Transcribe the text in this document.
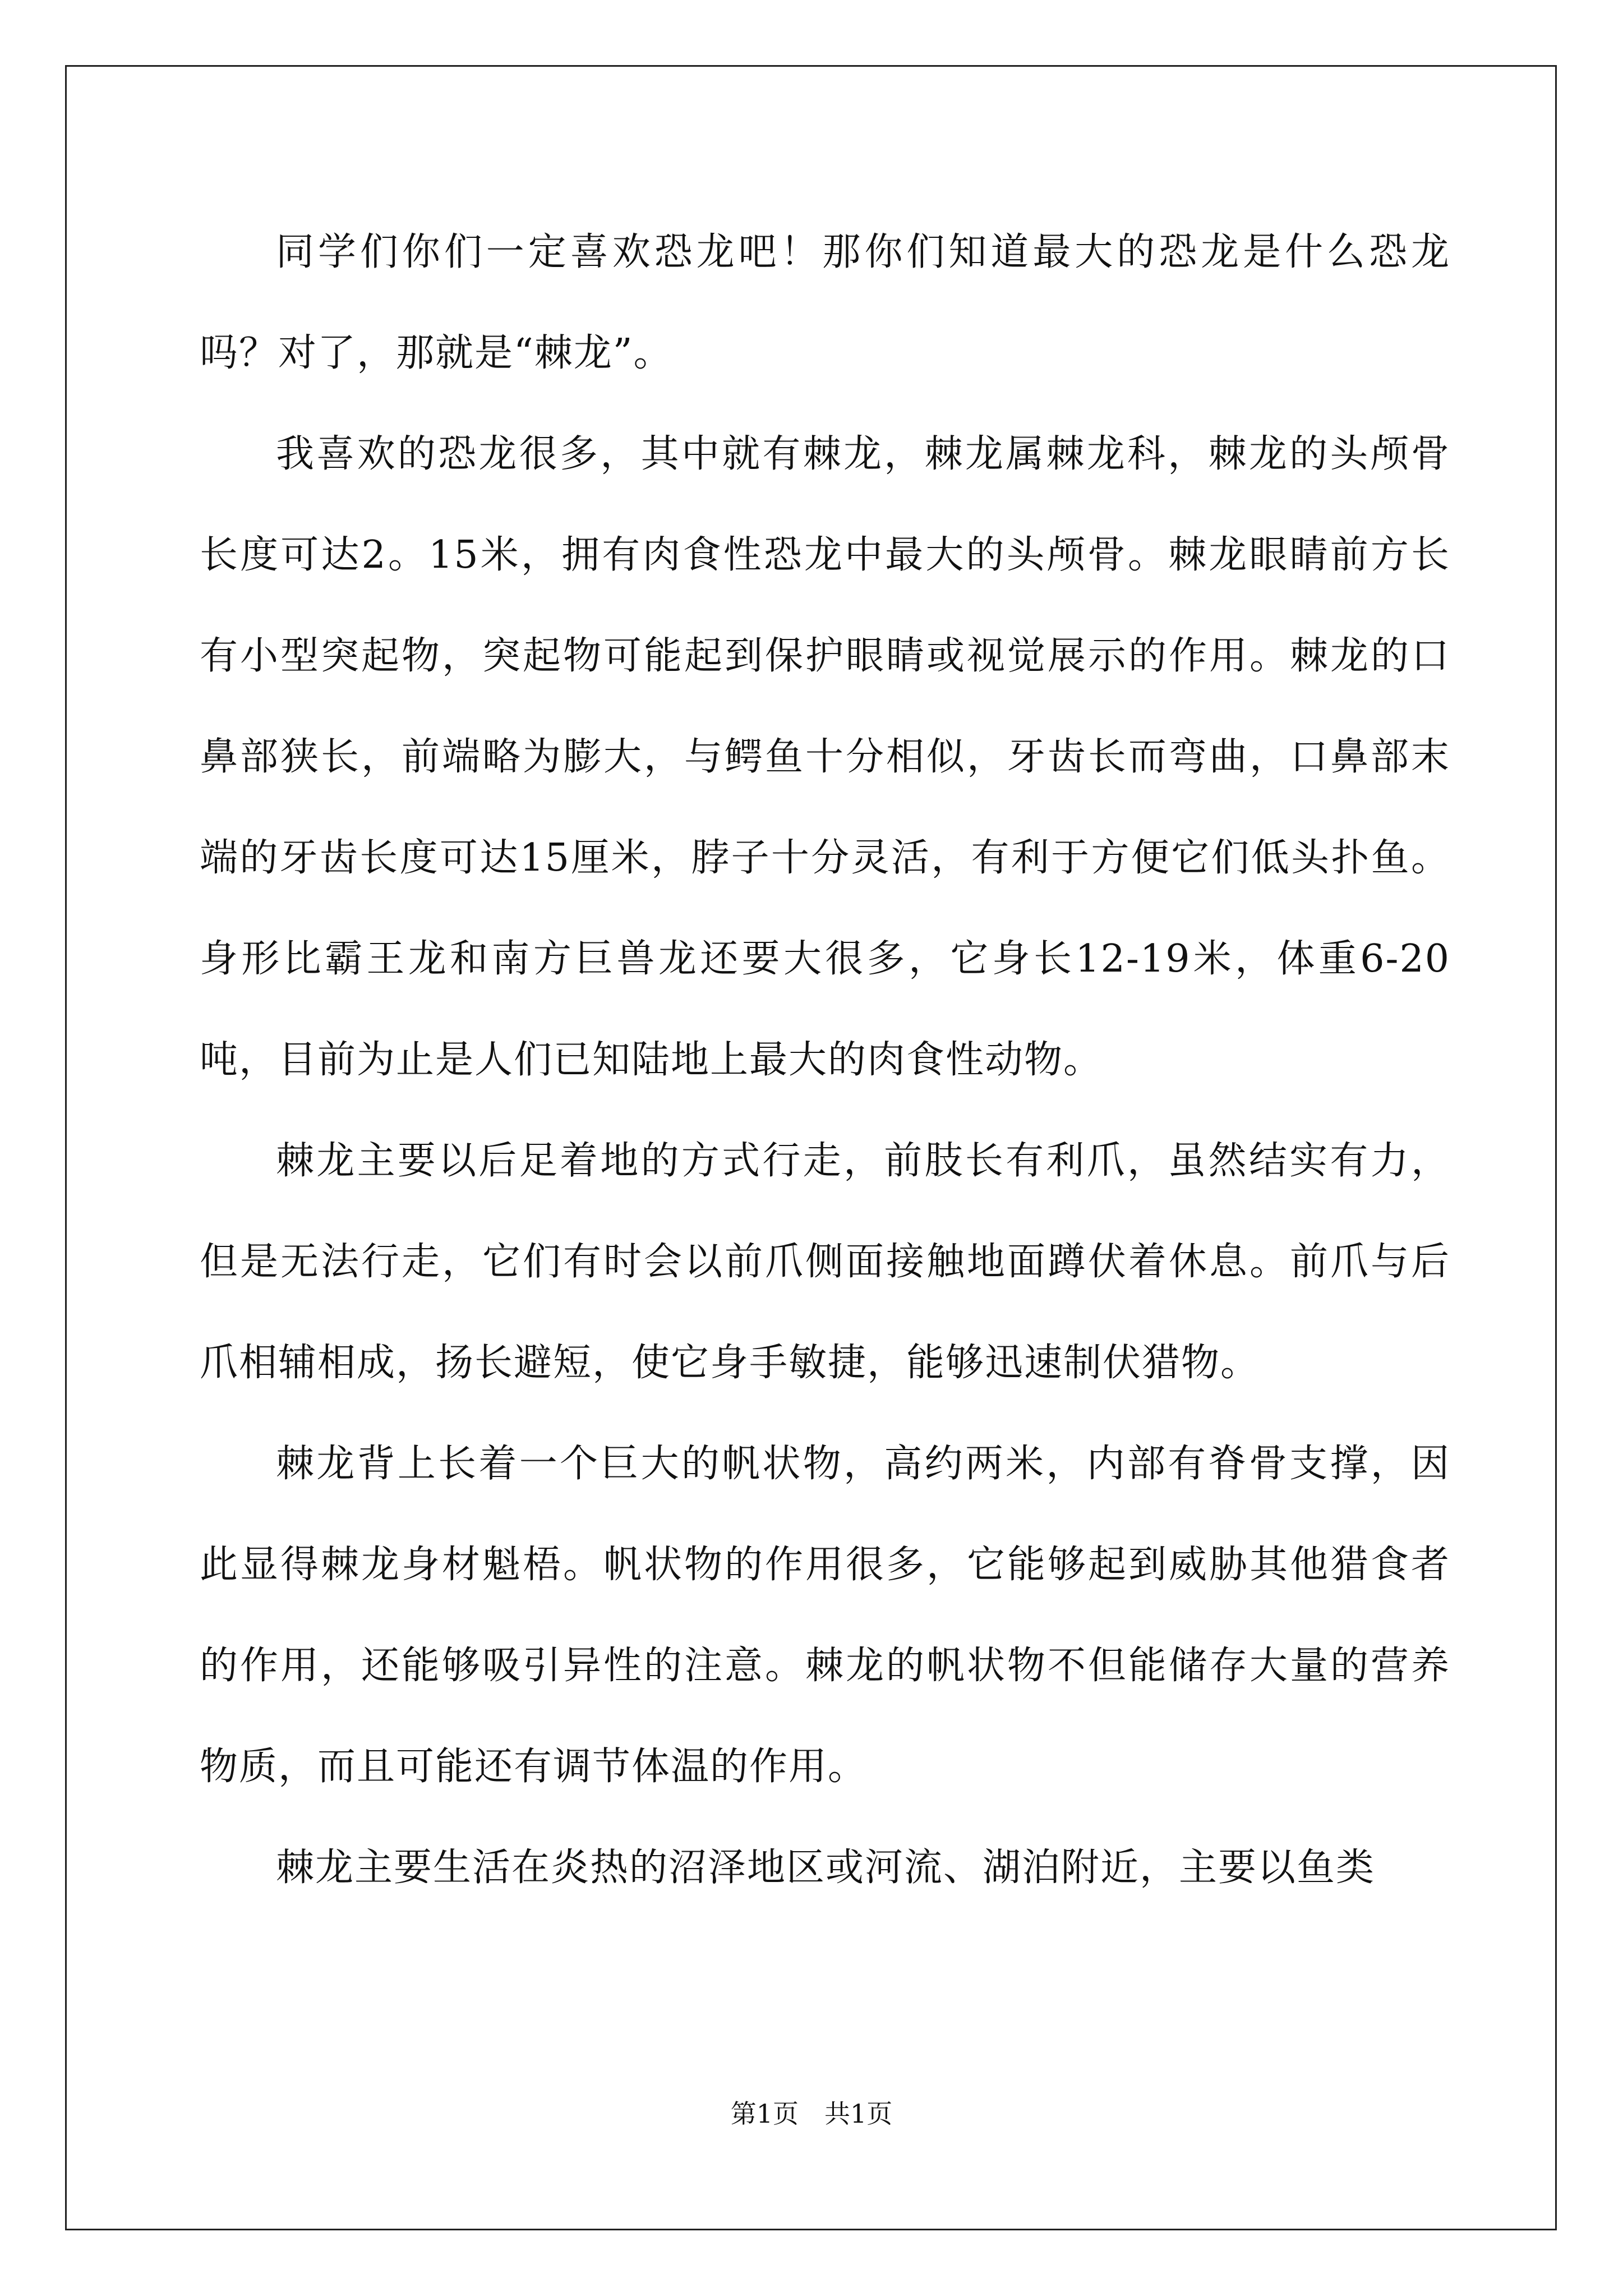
同学们你们一定喜欢恐龙吧！那你们知道最大的恐龙是什么恐龙吗？对了，那就是“棘龙”。

我喜欢的恐龙很多，其中就有棘龙，棘龙属棘龙科，棘龙的头颅骨长度可达2。15米，拥有肉食性恐龙中最大的头颅骨。棘龙眼睛前方长有小型突起物，突起物可能起到保护眼睛或视觉展示的作用。棘龙的口鼻部狭长，前端略为膨大，与鳄鱼十分相似，牙齿长而弯曲，口鼻部末端的牙齿长度可达15厘米，脖子十分灵活，有利于方便它们低头扑鱼。身形比霸王龙和南方巨兽龙还要大很多，它身长12-19米，体重6-20吨，目前为止是人们已知陆地上最大的肉食性动物。

棘龙主要以后足着地的方式行走，前肢长有利爪，虽然结实有力，但是无法行走，它们有时会以前爪侧面接触地面蹲伏着休息。前爪与后爪相辅相成，扬长避短，使它身手敏捷，能够迅速制伏猎物。

棘龙背上长着一个巨大的帆状物，高约两米，内部有脊骨支撑，因此显得棘龙身材魁梧。帆状物的作用很多，它能够起到威胁其他猎食者的作用，还能够吸引异性的注意。棘龙的帆状物不但能储存大量的营养物质，而且可能还有调节体温的作用。

棘龙主要生活在炎热的沼泽地区或河流、湖泊附近，主要以鱼类

第1页　共1页
